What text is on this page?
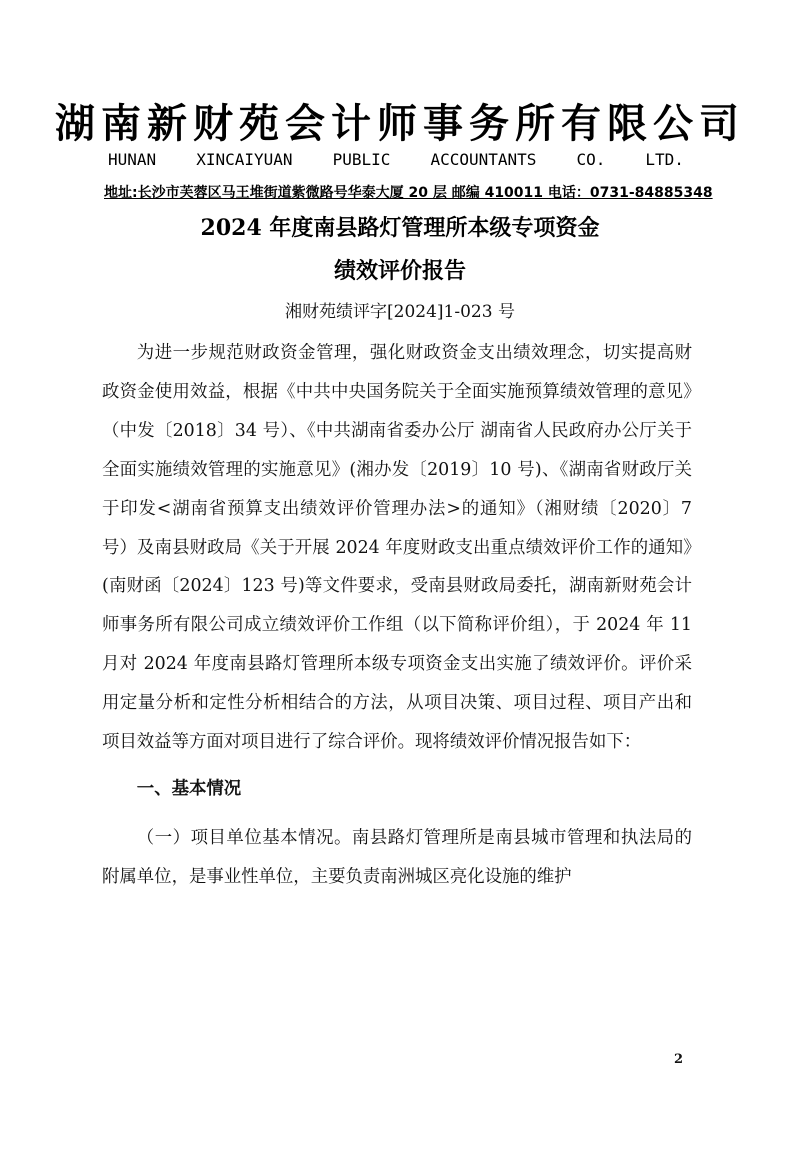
湖南新财苑会计师事务所有限公司
HUNAN	XINCAIYUAN	PUBLIC	ACCOUNTANTS	CO.	LTD.
地址:长沙市芙蓉区马王堆街道紫微路号华泰大厦 20 层 邮编 410011 电话：0731-84885348
2024 年度南县路灯管理所本级专项资金
绩效评价报告
湘财苑绩评字[2024]1-023 号

为进一步规范财政资金管理，强化财政资金支出绩效理念，切实提高财政资金使用效益，根据《中共中央国务院关于全面实施预算绩效管理的意见》（中发〔2018〕34 号）、《中共湖南省委办公厅 湖南省人民政府办公厅关于全面实施绩效管理的实施意见》(湘办发〔2019〕10 号)、《湖南省财政厅关于印发<湖南省预算支出绩效评价管理办法>的通知》（湘财绩〔2020〕7 号）及南县财政局《关于开展 2024 年度财政支出重点绩效评价工作的通知》(南财函〔2024〕123 号)等文件要求，受南县财政局委托，湖南新财苑会计师事务所有限公司成立绩效评价工作组（以下简称评价组），于 2024 年 11 月对 2024 年度南县路灯管理所本级专项资金支出实施了绩效评价。评价采用定量分析和定性分析相结合的方法，从项目决策、项目过程、项目产出和项目效益等方面对项目进行了综合评价。现将绩效评价情况报告如下：

一、基本情况

（一）项目单位基本情况。南县路灯管理所是南县城市管理和执法局的附属单位，是事业性单位，主要负责南洲城区亮化设施的维护

2
